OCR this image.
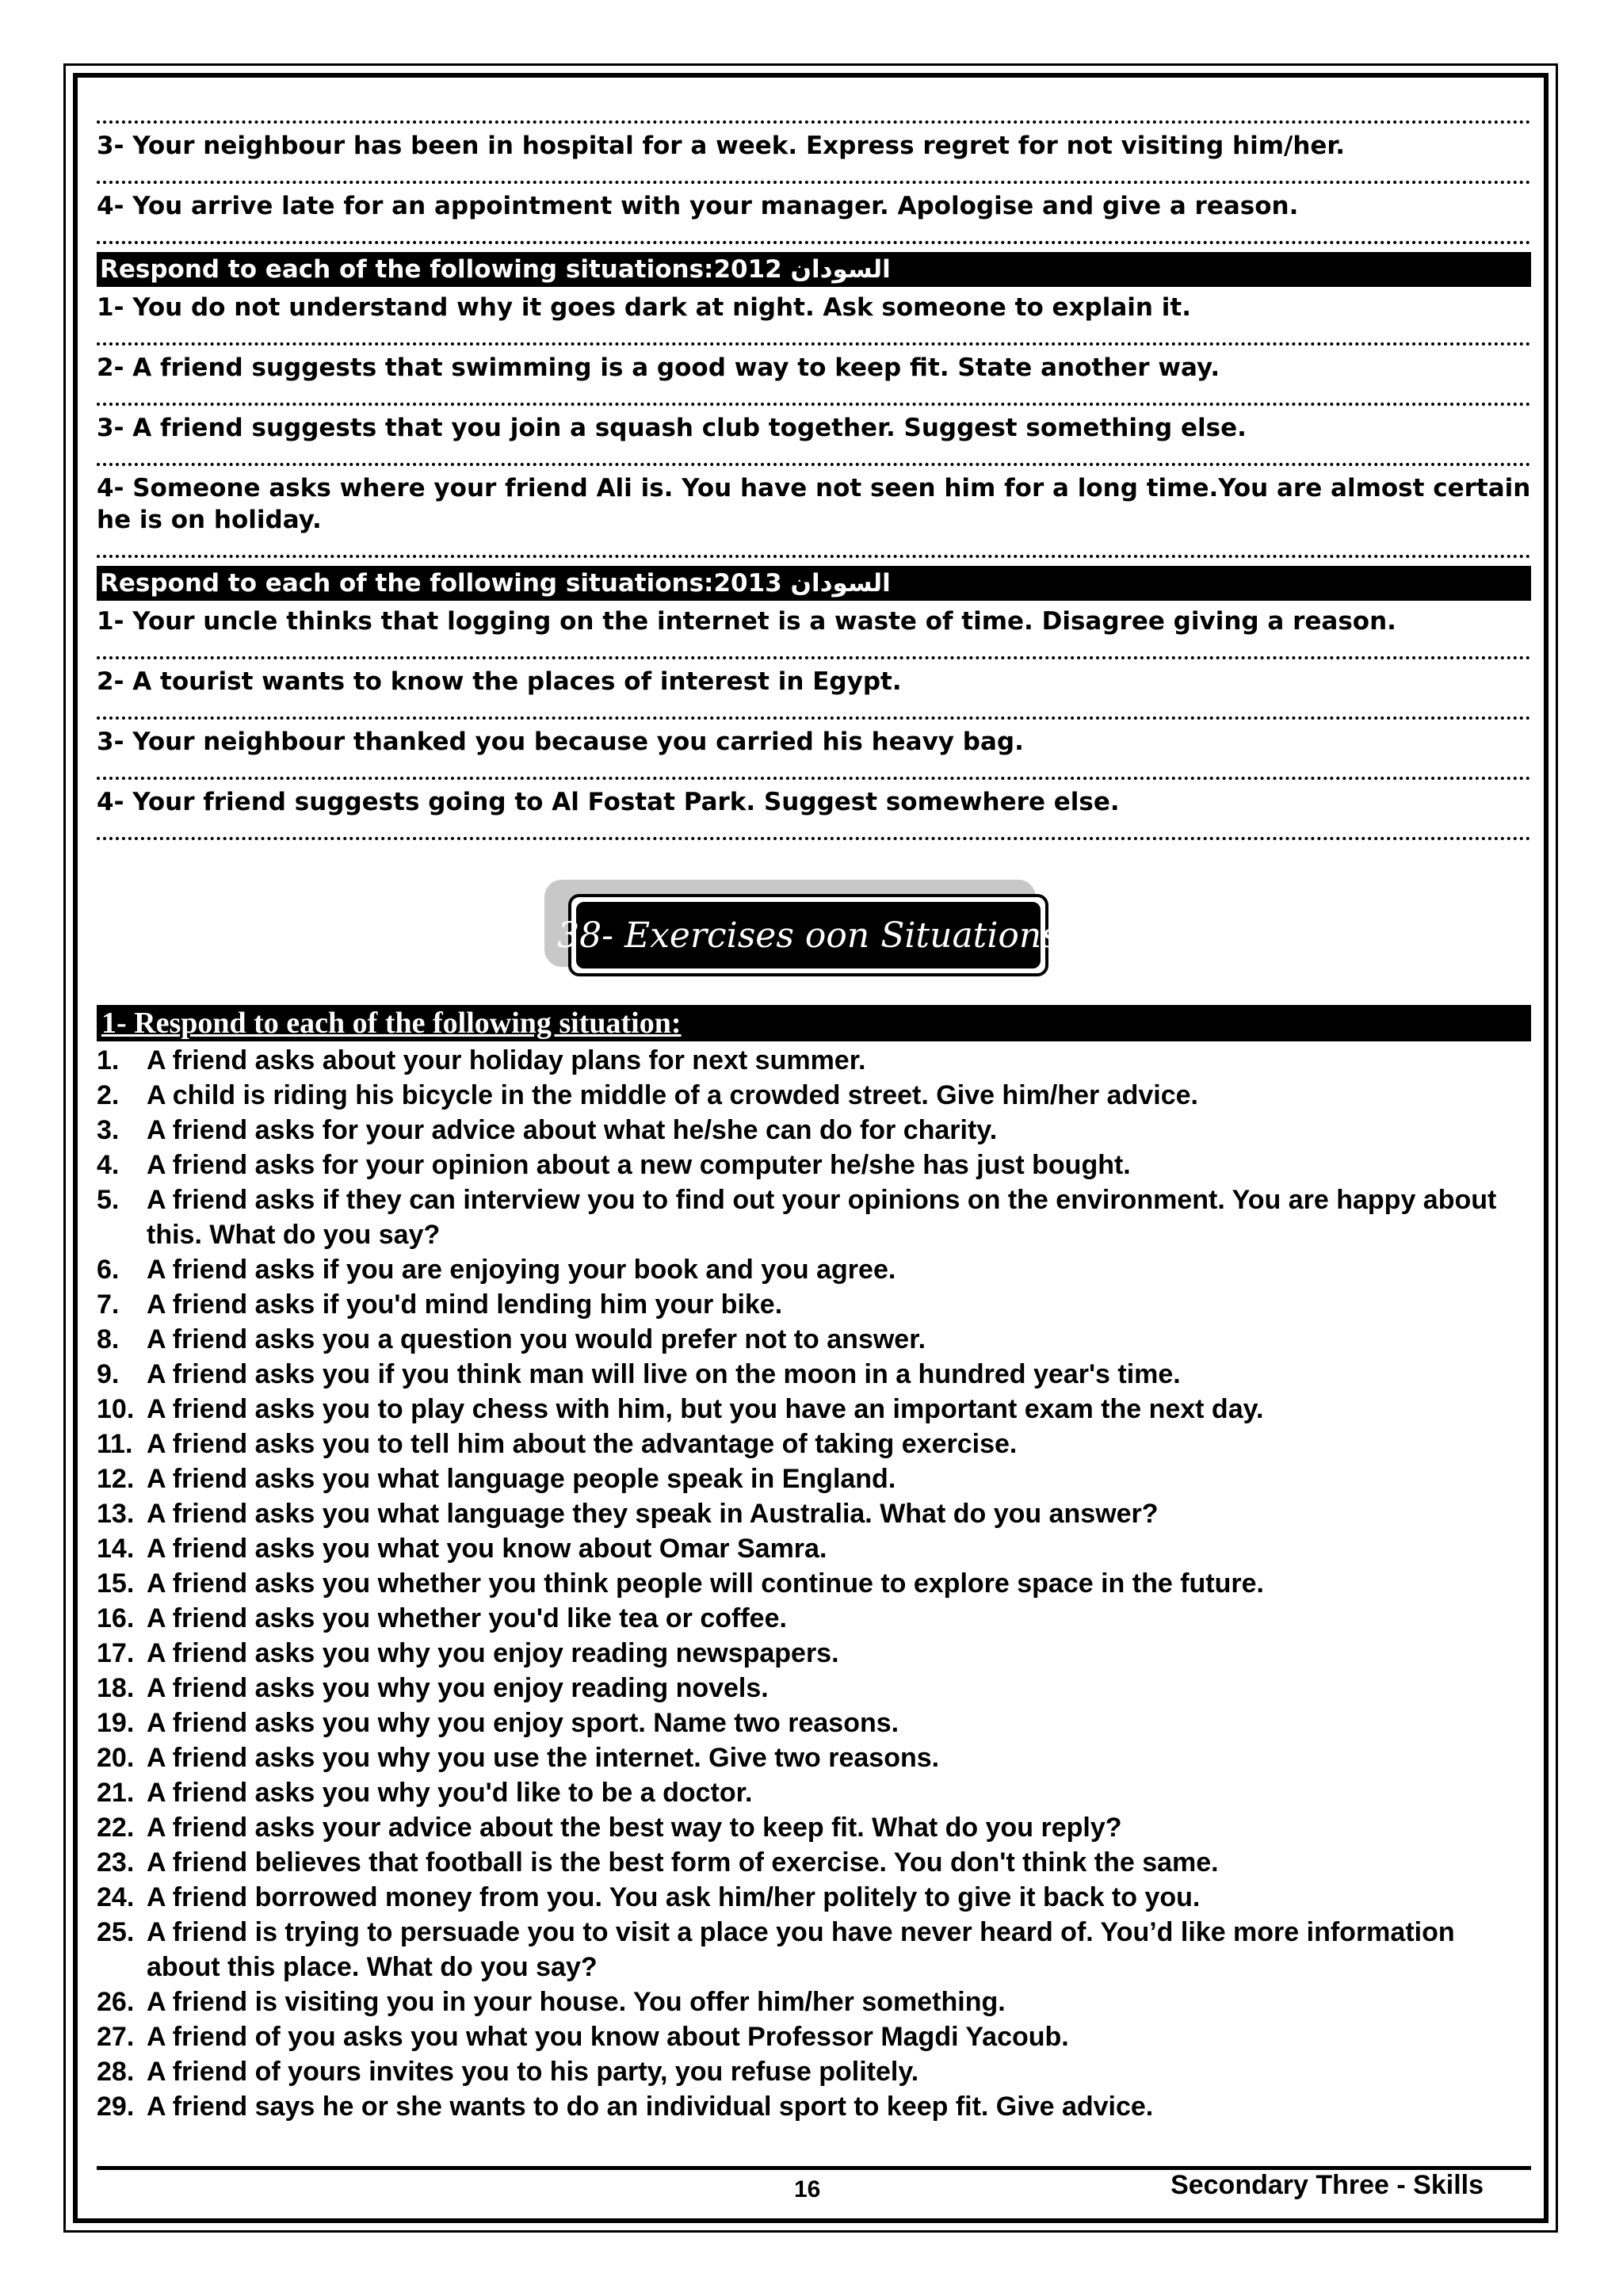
3- Your neighbour has been in hospital for a week. Express regret for not visiting him/her.
4- You arrive late for an appointment with your manager. Apologise and give a reason.
Respond to each of the following situations:2012 السودان
1- You do not understand why it goes dark at night. Ask someone to explain it.
2- A friend suggests that swimming is a good way to keep fit. State another way.
3- A friend suggests that you join a squash club together. Suggest something else.
4- Someone asks where your friend Ali is. You have not seen him for a long time.You are almost certain he is on holiday.
Respond to each of the following situations:2013 السودان
1- Your uncle thinks that logging on the internet is a waste of time. Disagree giving a reason.
2- A tourist wants to know the places of interest in Egypt.
3- Your neighbour thanked you because you carried his heavy bag.
4- Your friend suggests going to Al Fostat Park. Suggest somewhere else.
38- Exercises oon Situations
1- Respond to each of the following situation:
1.	A friend asks about your holiday plans for next summer.
2.	A child is riding his bicycle in the middle of a crowded street. Give him/her advice.
3.	A friend asks for your advice about what he/she can do for charity.
4.	A friend asks for your opinion about a new computer he/she has just bought.
5.	A friend asks if they can interview you to find out your opinions on the environment. You are happy about this. What do you say?
6.	A friend asks if you are enjoying your book and you agree.
7.	A friend asks if you'd mind lending him your bike.
8.	A friend asks you a question you would prefer not to answer.
9.	A friend asks you if you think man will live on the moon in a hundred year's time.
10. A friend asks you to play chess with him, but you have an important exam the next day.
11. A friend asks you to tell him about the advantage of taking exercise.
12. A friend asks you what language people speak in England.
13. A friend asks you what language they speak in Australia. What do you answer?
14. A friend asks you what you know about Omar Samra.
15. A friend asks you whether you think people will continue to explore space in the future.
16. A friend asks you whether you'd like tea or coffee.
17. A friend asks you why you enjoy reading newspapers.
18. A friend asks you why you enjoy reading novels.
19. A friend asks you why you enjoy sport. Name two reasons.
20. A friend asks you why you use the internet. Give two reasons.
21. A friend asks you why you'd like to be a doctor.
22. A friend asks your advice about the best way to keep fit. What do you reply?
23. A friend believes that football is the best form of exercise. You don't think the same.
24. A friend borrowed money from you. You ask him/her politely to give it back to you.
25. A friend is trying to persuade you to visit a place you have never heard of. You’d like more information about this place. What do you say?
26. A friend is visiting you in your house. You offer him/her something.
27. A friend of you asks you what you know about Professor Magdi Yacoub.
28. A friend of yours invites you to his party, you refuse politely.
29. A friend says he or she wants to do an individual sport to keep fit. Give advice.
16	Secondary Three - Skills
